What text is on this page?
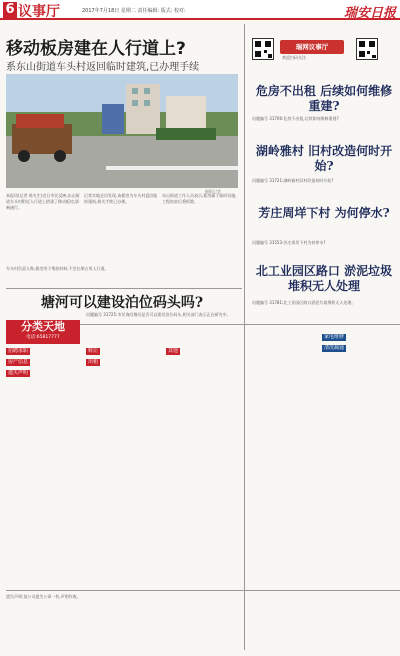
6 议事厅	2017年7月18日 星期二 责任编辑: 版式: 校对:	瑞安日报
移动板房建在人行道上?
系东山街道车头村返回临时建筑,已办理手续
摄影记者
本报讯(记者 陈先生)近日市民反映,东山街道车头村附近人行道上搭建了移动板房,影响通行。
记者实地走访发现,该板房为车头村返回临时建筑,相关手续已办理。
东山街道工作人员表示,板房属于临时设施,工程结束后将拆除。
车头村负责人称,板房用于堆放材料,不会长期占用人行道。
瑞网议事厅
欢迎扫码关注
危房不出租 后续如何维修重建?
问题编号 31706:危房不出租,后续如何维修重建?
湖岭雅村 旧村改造何时开始?
问题编号 31721:湖岭雅村旧村改造何时开始?
芳庄周垟下村 为何停水?
问题编号 31553:芳庄周垟下村为何停水?
北工业园区路口 淤泥垃圾堆积无人处理
问题编号 31781:北工业园区路口淤泥垃圾堆积无人处理。
塘河可以建设泊位码头吗?
问题编号 31725:市民询问塘河是否可以建设泊位码头,相关部门表示正在研究中。
分类天地
电话:65817777
招聘求职
房产信息
遗失声明
转让
出租
其他
家电维修
清洗疏通
遗失声明:某公司遗失公章一枚,声明作废。
